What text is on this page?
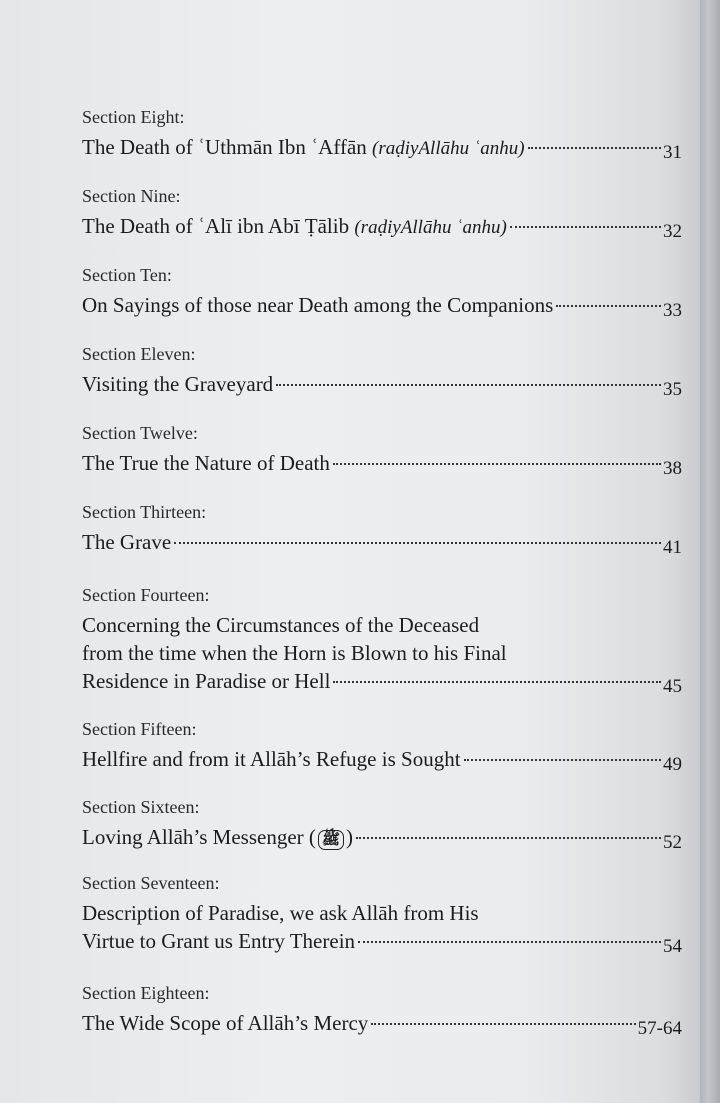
Section Eight:
The Death of ʿUthmān Ibn ʿAffān (raḍiyAllāhu ʿanhu)	31
Section Nine:
The Death of ʿAlī ibn Abī Ṭālib (raḍiyAllāhu ʿanhu)	32
Section Ten:
On Sayings of those near Death among the Companions	33
Section Eleven:
Visiting the Graveyard	35
Section Twelve:
The True the Nature of Death	38
Section Thirteen:
The Grave	41
Section Fourteen:
Concerning the Circumstances of the Deceased
from the time when the Horn is Blown to his Final
Residence in Paradise or Hell	45
Section Fifteen:
Hellfire and from it Allāh’s Refuge is Sought	49
Section Sixteen:
Loving Allāh’s Messenger ( ﷺ )	52
Section Seventeen:
Description of Paradise, we ask Allāh from His
Virtue to Grant us Entry Therein	54
Section Eighteen:
The Wide Scope of Allāh’s Mercy	57-64
